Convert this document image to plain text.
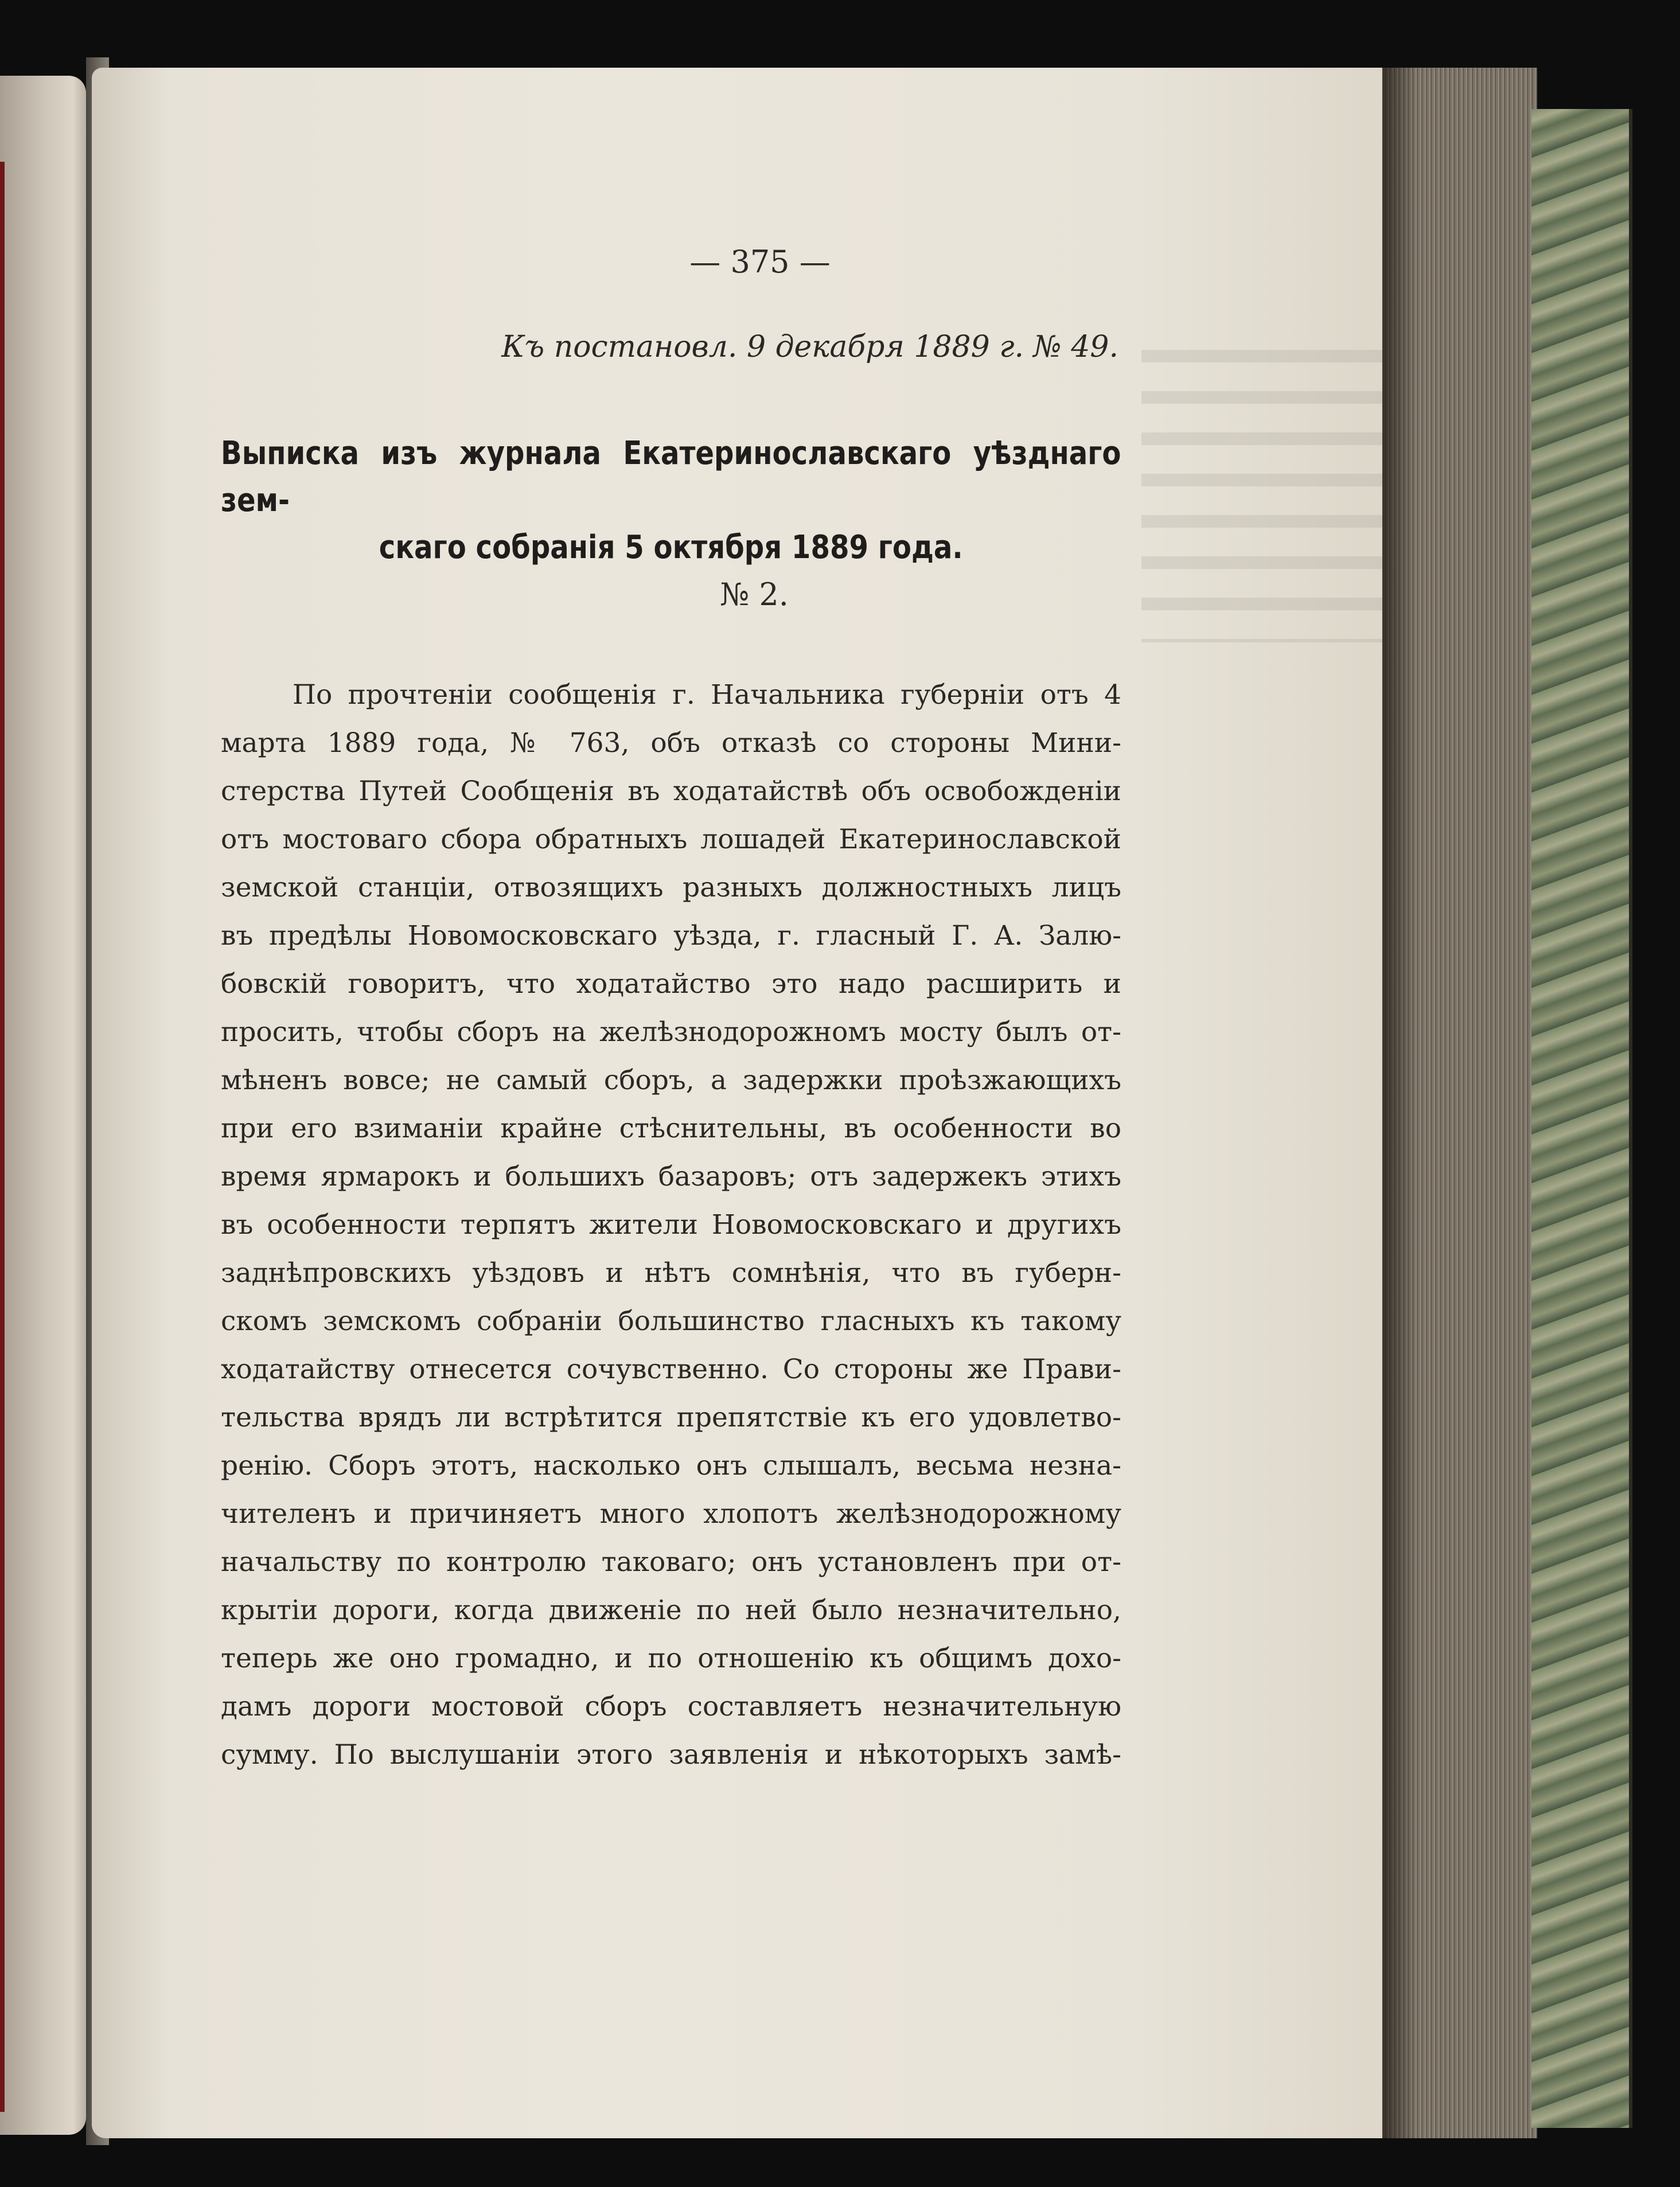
— 375 —
Къ постановл. 9 декабря 1889 г. № 49.
Выписка изъ журнала Екатеринославскаго уѣзднаго зем-
скаго собранія 5 октября 1889 года.
№ 2.
По прочтеніи сообщенія г. Начальника губерніи отъ 4
марта 1889 года, № 763, объ отказѣ со стороны Мини-
стерства Путей Сообщенія въ ходатайствѣ объ освобожденіи
отъ мостоваго сбора обратныхъ лошадей Екатеринославской
земской станціи, отвозящихъ разныхъ должностныхъ лицъ
въ предѣлы Новомосковскаго уѣзда, г. гласный Г. А. Залю-
бовскій говоритъ, что ходатайство это надо расширить и
просить, чтобы сборъ на желѣзнодорожномъ мосту былъ от-
мѣненъ вовсе; не самый сборъ, а задержки проѣзжающихъ
при его взиманіи крайне стѣснительны, въ особенности во
время ярмарокъ и большихъ базаровъ; отъ задержекъ этихъ
въ особенности терпятъ жители Новомосковскаго и другихъ
заднѣпровскихъ уѣздовъ и нѣтъ сомнѣнія, что въ губерн-
скомъ земскомъ собраніи большинство гласныхъ къ такому
ходатайству отнесется сочувственно. Со стороны же Прави-
тельства врядъ ли встрѣтится препятствіе къ его удовлетво-
ренію. Сборъ этотъ, насколько онъ слышалъ, весьма незна-
чителенъ и причиняетъ много хлопотъ желѣзнодорожному
начальству по контролю таковаго; онъ установленъ при от-
крытіи дороги, когда движеніе по ней было незначительно,
теперь же оно громадно, и по отношенію къ общимъ дохо-
дамъ дороги мостовой сборъ составляетъ незначительную
сумму. По выслушаніи этого заявленія и нѣкоторыхъ замѣ-
